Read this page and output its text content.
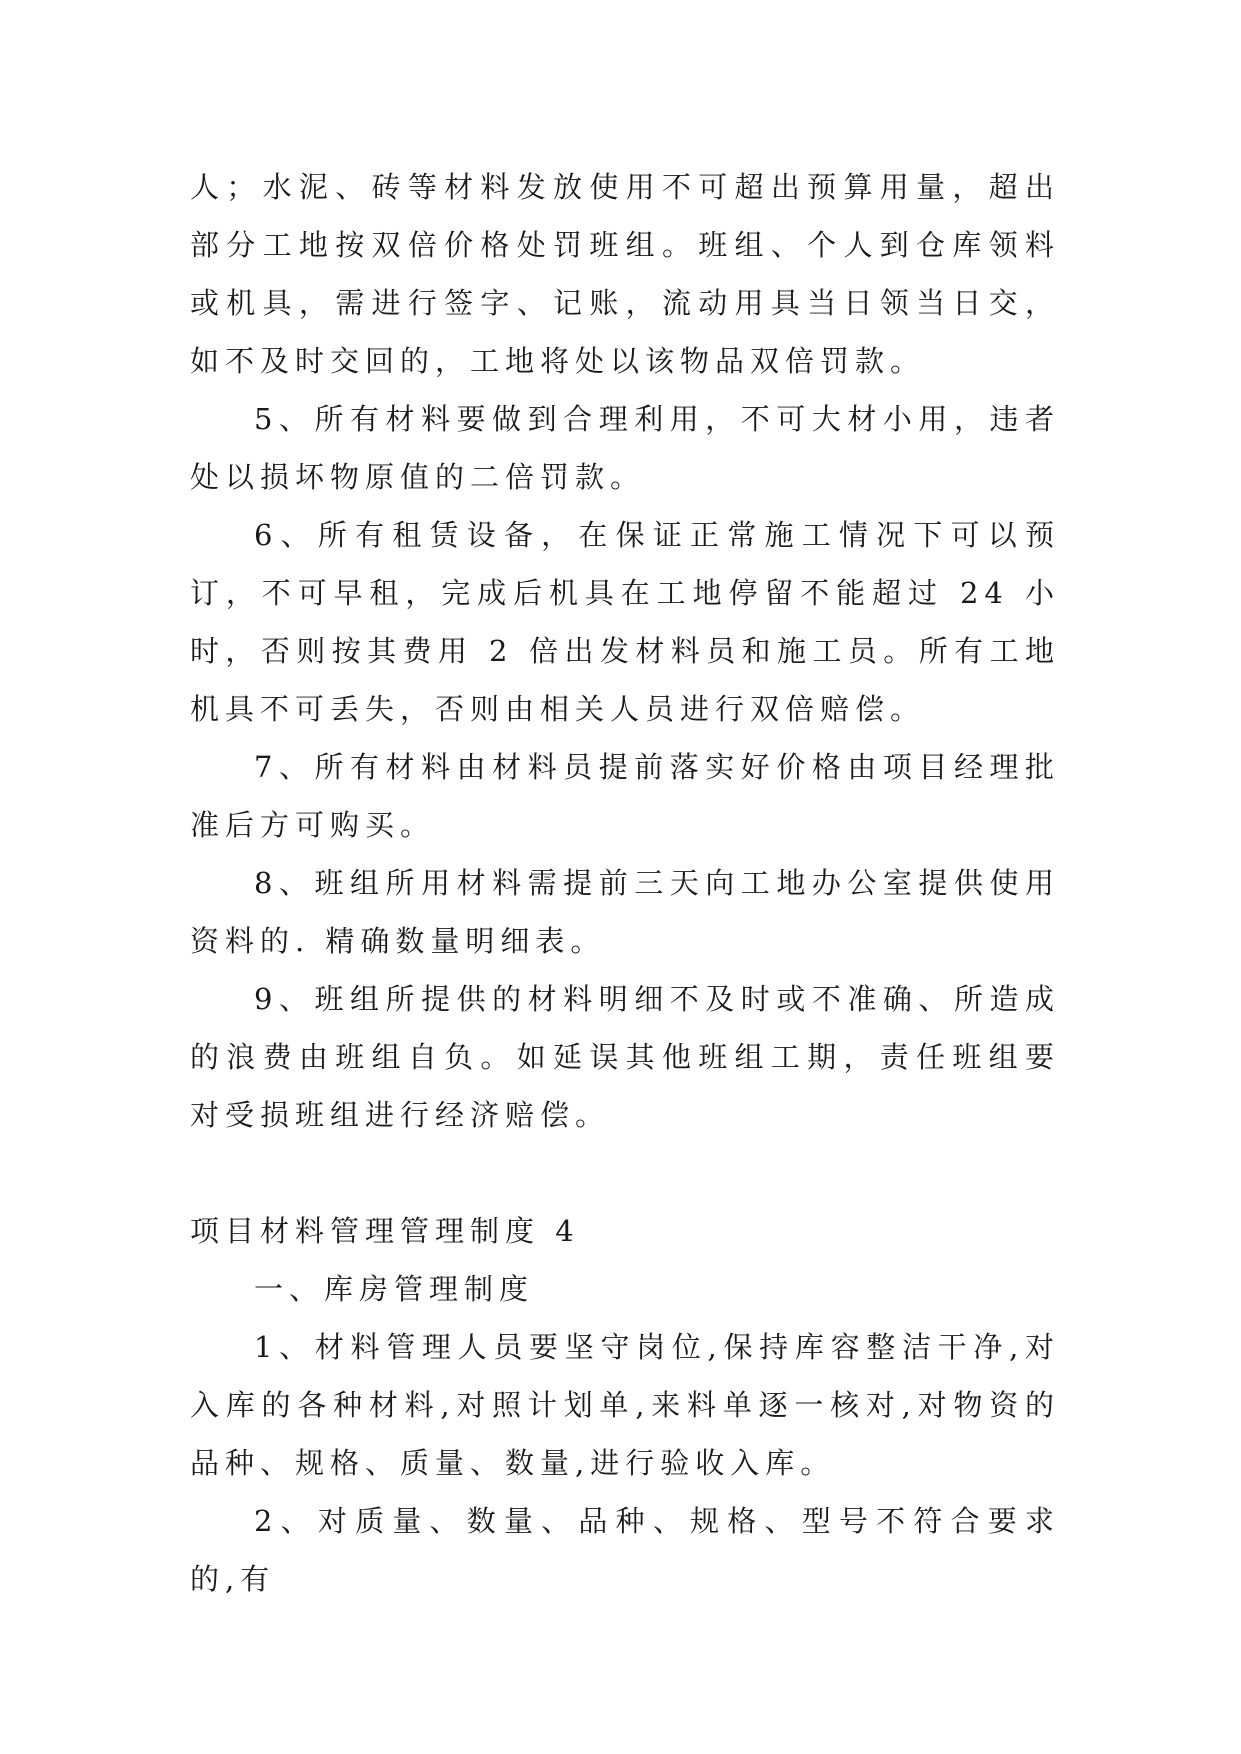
人；水泥、砖等材料发放使用不可超出预算用量，超出部分工地按双倍价格处罚班组。班组、个人到仓库领料或机具，需进行签字、记账，流动用具当日领当日交，如不及时交回的，工地将处以该物品双倍罚款。

5、所有材料要做到合理利用，不可大材小用，违者处以损坏物原值的二倍罚款。

6、所有租赁设备，在保证正常施工情况下可以预订，不可早租，完成后机具在工地停留不能超过 24 小时，否则按其费用 2 倍出发材料员和施工员。所有工地机具不可丢失，否则由相关人员进行双倍赔偿。

7、所有材料由材料员提前落实好价格由项目经理批准后方可购买。

8、班组所用材料需提前三天向工地办公室提供使用资料的. 精确数量明细表。

9、班组所提供的材料明细不及时或不准确、所造成的浪费由班组自负。如延误其他班组工期，责任班组要对受损班组进行经济赔偿。

项目材料管理管理制度 4

一、库房管理制度

1、材料管理人员要坚守岗位,保持库容整洁干净,对入库的各种材料,对照计划单,来料单逐一核对,对物资的品种、规格、质量、数量,进行验收入库。

2、对质量、数量、品种、规格、型号不符合要求的,有
